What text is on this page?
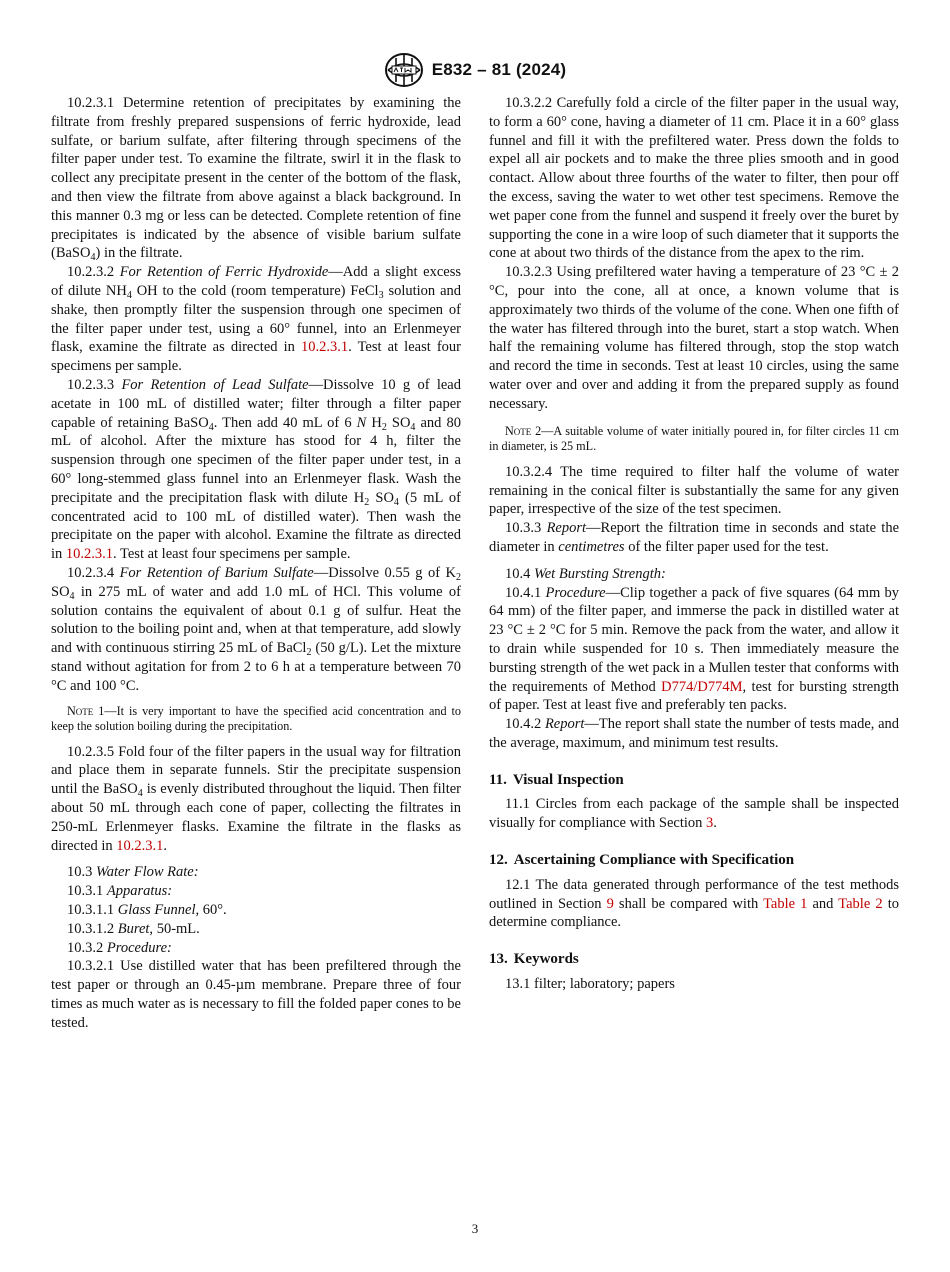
E832 – 81 (2024)

10.2.3.1 Determine retention of precipitates by examining the filtrate from freshly prepared suspensions of ferric hydroxide, lead sulfate, or barium sulfate, after filtering through specimens of the filter paper under test. To examine the filtrate, swirl it in the flask to collect any precipitate present in the center of the bottom of the flask, and then view the filtrate from above against a black background. In this manner 0.3 mg or less can be detected. Complete retention of fine precipitates is indicated by the absence of visible barium sulfate (BaSO$_4$) in the filtrate.

10.2.3.2 For Retention of Ferric Hydroxide—Add a slight excess of dilute $NH_4$ OH to the cold (room temperature) FeCl$_3$ solution and shake, then promptly filter the suspension through one specimen of the filter paper under test, using a 60° funnel, into an Erlenmeyer flask, examine the filtrate as directed in 10.2.3.1. Test at least four specimens per sample.

10.2.3.3 For Retention of Lead Sulfate—Dissolve 10 g of lead acetate in 100 mL of distilled water; filter through a filter paper capable of retaining BaSO$_4$. Then add 40 mL of 6 N $H_2$ $SO_4$ and 80 mL of alcohol. After the mixture has stood for 4 h, filter the suspension through one specimen of the filter paper under test, in a 60° long-stemmed glass funnel into an Erlenmeyer flask. Wash the precipitate and the precipitation flask with dilute $H_2$ $SO_4$ (5 mL of concentrated acid to 100 mL of distilled water). Then wash the precipitate on the paper with alcohol. Examine the filtrate as directed in 10.2.3.1. Test at least four specimens per sample.

10.2.3.4 For Retention of Barium Sulfate—Dissolve 0.55 g of $K_2$ $SO_4$ in 275 mL of water and add 1.0 mL of HCl. This volume of solution contains the equivalent of about 0.1 g of sulfur. Heat the solution to the boiling point and, when at that temperature, add slowly and with continuous stirring 25 mL of BaCl$_2$ (50 g/L). Let the mixture stand without agitation for from 2 to 6 h at a temperature between 70 °C and 100 °C.

Note 1—It is very important to have the specified acid concentration and to keep the solution boiling during the precipitation.

10.2.3.5 Fold four of the filter papers in the usual way for filtration and place them in separate funnels. Stir the precipitate suspension until the BaSO$_4$ is evenly distributed throughout the liquid. Then filter about 50 mL through each cone of paper, collecting the filtrates in 250-mL Erlenmeyer flasks. Examine the filtrate in the flasks as directed in 10.2.3.1.

10.3 Water Flow Rate:

10.3.1 Apparatus:

10.3.1.1 Glass Funnel, 60°.

10.3.1.2 Buret, 50-mL.

10.3.2 Procedure:

10.3.2.1 Use distilled water that has been prefiltered through the test paper or through an 0.45-µm membrane. Prepare three of four times as much water as is necessary to fill the folded paper cones to be tested.

10.3.2.2 Carefully fold a circle of the filter paper in the usual way, to form a 60° cone, having a diameter of 11 cm. Place it in a 60° glass funnel and fill it with the prefiltered water. Press down the folds to expel all air pockets and to make the three plies smooth and in good contact. Allow about three fourths of the water to filter, then pour off the excess, saving the water to wet other test specimens. Remove the wet paper cone from the funnel and suspend it freely over the buret by supporting the cone in a wire loop of such diameter that it supports the cone at about two thirds of the distance from the apex to the rim.

10.3.2.3 Using prefiltered water having a temperature of 23 °C ± 2 °C, pour into the cone, all at once, a known volume that is approximately two thirds of the volume of the cone. When one fifth of the water has filtered through into the buret, start a stop watch. When half the remaining volume has filtered through, stop the stop watch and record the time in seconds. Test at least 10 circles, using the same water over and over and adding it from the prepared supply as found necessary.

Note 2—A suitable volume of water initially poured in, for filter circles 11 cm in diameter, is 25 mL.

10.3.2.4 The time required to filter half the volume of water remaining in the conical filter is substantially the same for any given paper, irrespective of the size of the test specimen.

10.3.3 Report—Report the filtration time in seconds and state the diameter in centimetres of the filter paper used for the test.

10.4 Wet Bursting Strength:

10.4.1 Procedure—Clip together a pack of five squares (64 mm by 64 mm) of the filter paper, and immerse the pack in distilled water at 23 °C ± 2 °C for 5 min. Remove the pack from the water, and allow it to drain while suspended for 10 s. Then immediately measure the bursting strength of the wet pack in a Mullen tester that conforms with the requirements of Method D774/D774M, test for bursting strength of paper. Test at least five and preferably ten packs.

10.4.2 Report—The report shall state the number of tests made, and the average, maximum, and minimum test results.

11. Visual Inspection

11.1 Circles from each package of the sample shall be inspected visually for compliance with Section 3.

12. Ascertaining Compliance with Specification

12.1 The data generated through performance of the test methods outlined in Section 9 shall be compared with Table 1 and Table 2 to determine compliance.

13. Keywords

13.1 filter; laboratory; papers

3
